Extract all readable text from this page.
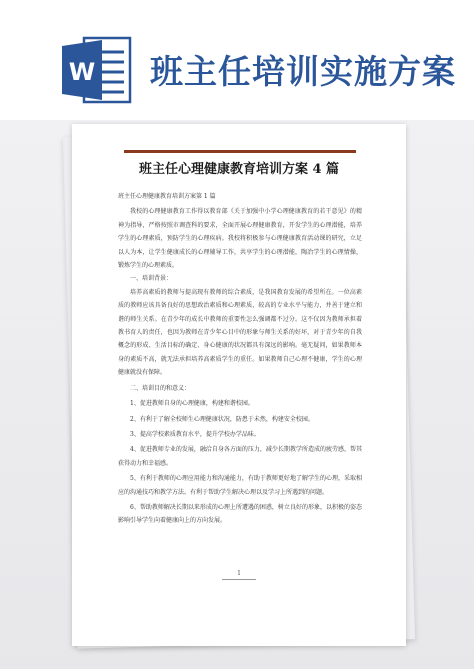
W 班主任培训实施方案
班主任心理健康教育培训方案 4 篇

班主任心理健康教育培训方案第 1 篇

我校的心理健康教育工作得以教育部《关于加强中小学心理健康教育的若干意见》的精神为指导，严格按照市调查科的要求，全面开展心理健康教育，开发学生的心理潜能，培养学生的心理素质，预防学生的心理疾病。我校将积极参与心理健康教育活动课的研究，立足以人为本，让学生健康成长的心理辅导工作，共享学生的心理潜能，陶冶学生的心理情操，锻炼学生的心理素质。

一、培训背景：

培养高素质的教师与提高现有教师的综合素质，是我国教育发展的希望所在。一位高素质的教师应该具备良好的思想政治素质和心理素质，较高的专业水平与能力，并善于建立和谐的师生关系。在青少年的成长中教师的重要性怎么强调都不过分。这不仅因为教师承担着教书育人的责任，也因为教师在青少年心目中的形象与师生关系的好坏，对于青少年的自我概念的形成、生活目标的确定、身心健康的状况都具有深远的影响。毫无疑问，如果教师本身的素质不高，就无法承担培养高素质学生的重任。如果教师自己心理不健康，学生的心理健康就没有保障。

二、培训目的和意义：

1、促进教师自身的心理健康，构建和谐校园。

2、有利于了解全校师生心理健康状况，防患于未然，构建安全校园。

3、提高学校素质教育水平，提升学校办学品味。

4、促进教师专业的发展，融洽自身各方面的压力，减少长期教学所造成的疲劳感，帮其获得动力和幸福感。

5、有利于教师的心理应用能力和沟通能力，有助于教师更好地了解学生的心理，采取相应的沟通技巧和教学方法。有利于帮助学生解决心理以及学习上所遇到的问题。

6、帮助教师解决长期以来形成的心理上所遭遇的困惑，树立良好的形象，以积极的姿态影响引导学生向着健康向上的方向发展。

1
